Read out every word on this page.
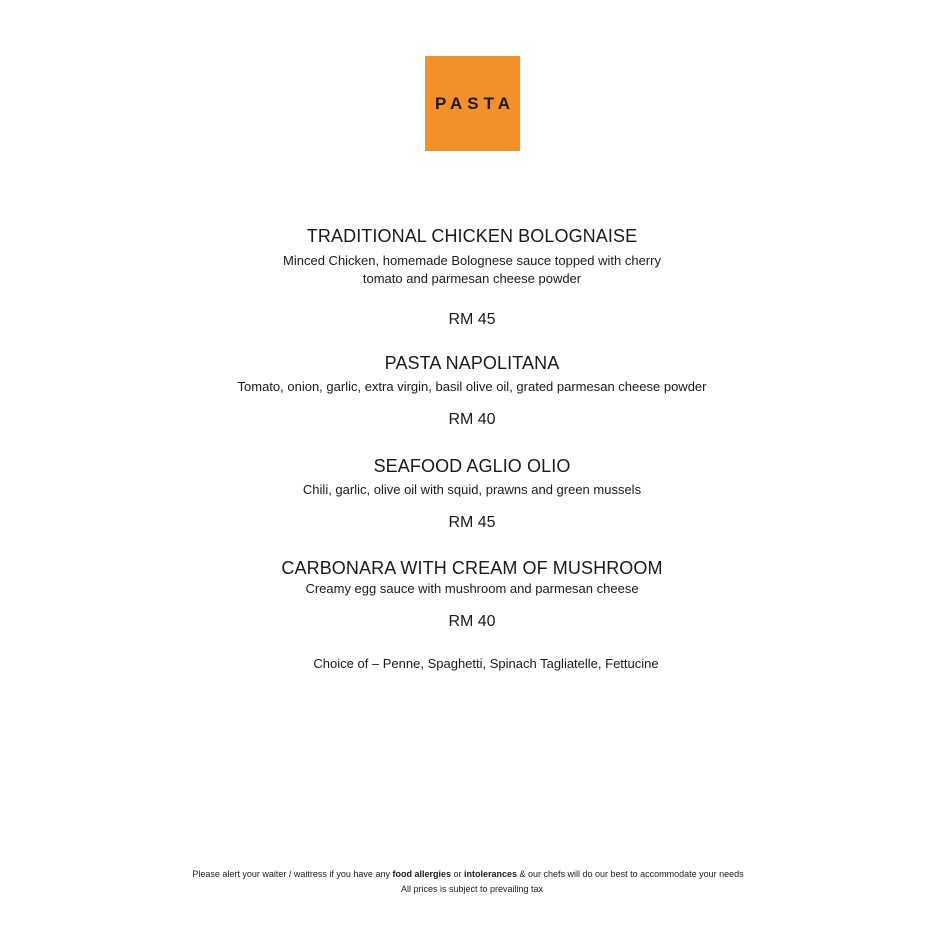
PASTA
TRADITIONAL CHICKEN BOLOGNAISE
Minced Chicken, homemade Bolognese sauce topped with cherry
tomato and parmesan cheese powder
RM 45
PASTA NAPOLITANA
Tomato, onion, garlic, extra virgin, basil olive oil, grated parmesan cheese powder
RM 40
SEAFOOD AGLIO OLIO
Chili, garlic, olive oil with squid, prawns and green mussels
RM 45
CARBONARA WITH CREAM OF MUSHROOM
Creamy egg sauce with mushroom and parmesan cheese
RM 40
Choice of – Penne, Spaghetti, Spinach Tagliatelle, Fettucine
Please alert your waiter / waitress if you have any food allergies or intolerances & our chefs will do our best to accommodate your needs
All prices is subject to prevailing tax
